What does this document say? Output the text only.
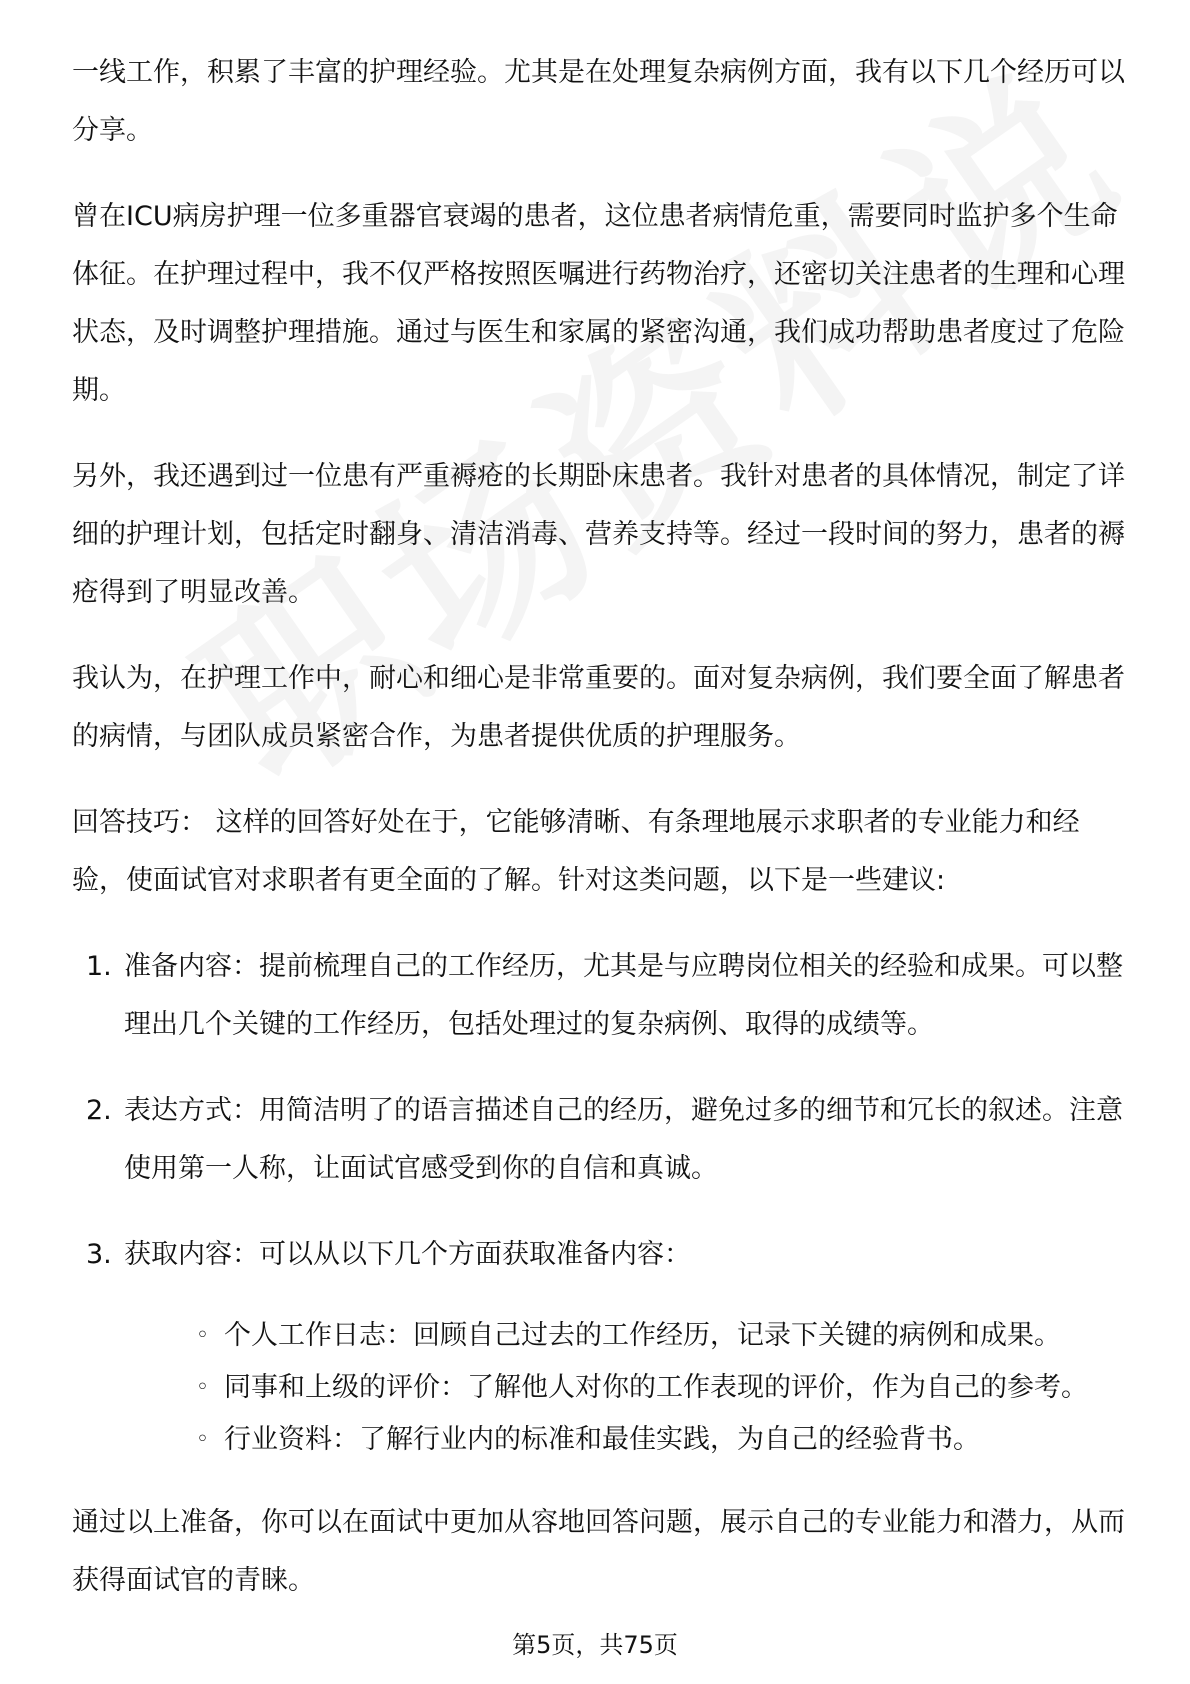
一线工作，积累了丰富的护理经验。尤其是在处理复杂病例方面，我有以下几个经历可以分享。

曾在ICU病房护理一位多重器官衰竭的患者，这位患者病情危重，需要同时监护多个生命体征。在护理过程中，我不仅严格按照医嘱进行药物治疗，还密切关注患者的生理和心理状态，及时调整护理措施。通过与医生和家属的紧密沟通，我们成功帮助患者度过了危险期。

另外，我还遇到过一位患有严重褥疮的长期卧床患者。我针对患者的具体情况，制定了详细的护理计划，包括定时翻身、清洁消毒、营养支持等。经过一段时间的努力，患者的褥疮得到了明显改善。

我认为，在护理工作中，耐心和细心是非常重要的。面对复杂病例，我们要全面了解患者的病情，与团队成员紧密合作，为患者提供优质的护理服务。

回答技巧： 这样的回答好处在于，它能够清晰、有条理地展示求职者的专业能力和经验，使面试官对求职者有更全面的了解。针对这类问题，以下是一些建议:

1. 准备内容：提前梳理自己的工作经历，尤其是与应聘岗位相关的经验和成果。可以整理出几个关键的工作经历，包括处理过的复杂病例、取得的成绩等。
2. 表达方式：用简洁明了的语言描述自己的经历，避免过多的细节和冗长的叙述。注意使用第一人称，让面试官感受到你的自信和真诚。
3. 获取内容：可以从以下几个方面获取准备内容：
◦ 个人工作日志：回顾自己过去的工作经历，记录下关键的病例和成果。
◦ 同事和上级的评价：了解他人对你的工作表现的评价，作为自己的参考。
◦ 行业资料：了解行业内的标准和最佳实践，为自己的经验背书。

通过以上准备，你可以在面试中更加从容地回答问题，展示自己的专业能力和潜力，从而获得面试官的青睐。

第5页，共75页
